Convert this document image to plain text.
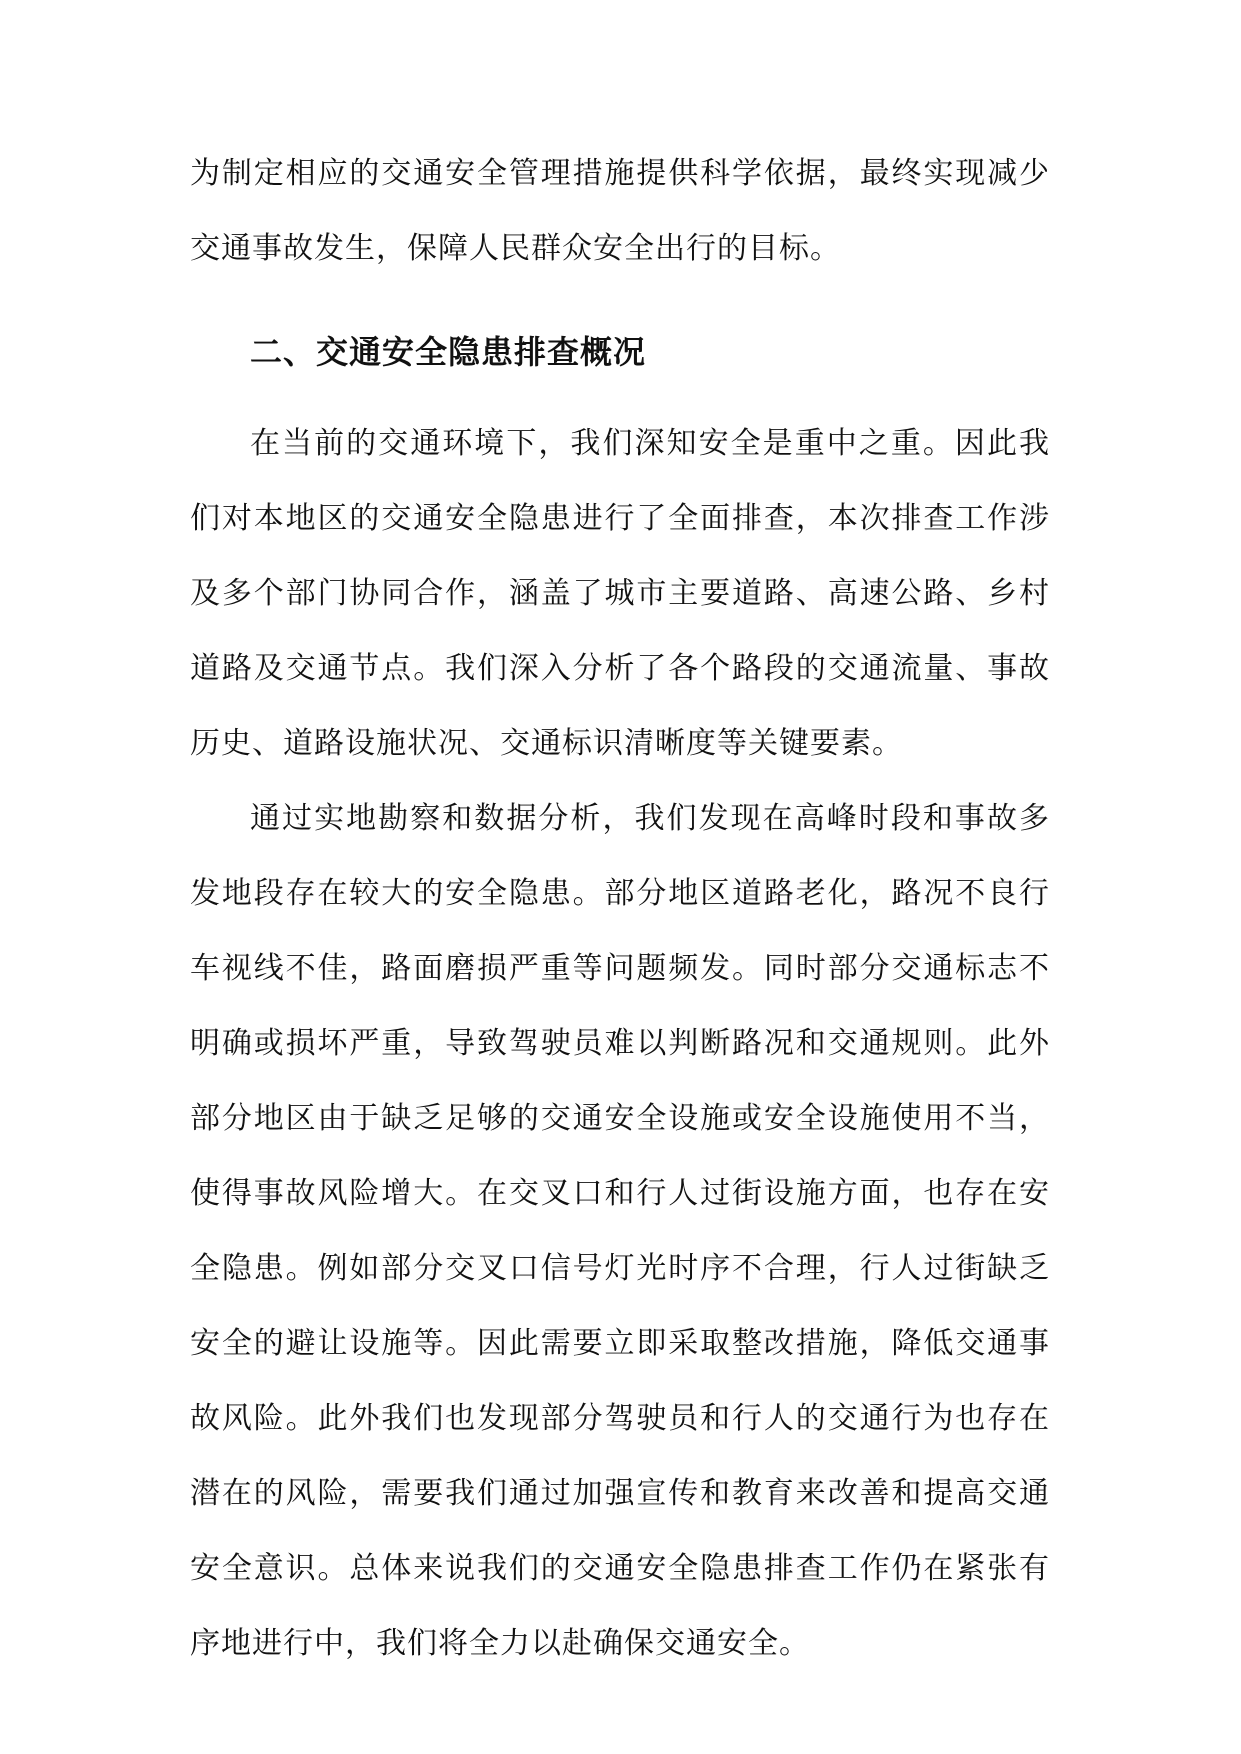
为制定相应的交通安全管理措施提供科学依据，最终实现减少交通事故发生，保障人民群众安全出行的目标。

二、交通安全隐患排查概况

在当前的交通环境下，我们深知安全是重中之重。因此我们对本地区的交通安全隐患进行了全面排查，本次排查工作涉及多个部门协同合作，涵盖了城市主要道路、高速公路、乡村道路及交通节点。我们深入分析了各个路段的交通流量、事故历史、道路设施状况、交通标识清晰度等关键要素。

通过实地勘察和数据分析，我们发现在高峰时段和事故多发地段存在较大的安全隐患。部分地区道路老化，路况不良行车视线不佳，路面磨损严重等问题频发。同时部分交通标志不明确或损坏严重，导致驾驶员难以判断路况和交通规则。此外部分地区由于缺乏足够的交通安全设施或安全设施使用不当，使得事故风险增大。在交叉口和行人过街设施方面，也存在安全隐患。例如部分交叉口信号灯光时序不合理，行人过街缺乏安全的避让设施等。因此需要立即采取整改措施，降低交通事故风险。此外我们也发现部分驾驶员和行人的交通行为也存在潜在的风险，需要我们通过加强宣传和教育来改善和提高交通安全意识。总体来说我们的交通安全隐患排查工作仍在紧张有序地进行中，我们将全力以赴确保交通安全。
